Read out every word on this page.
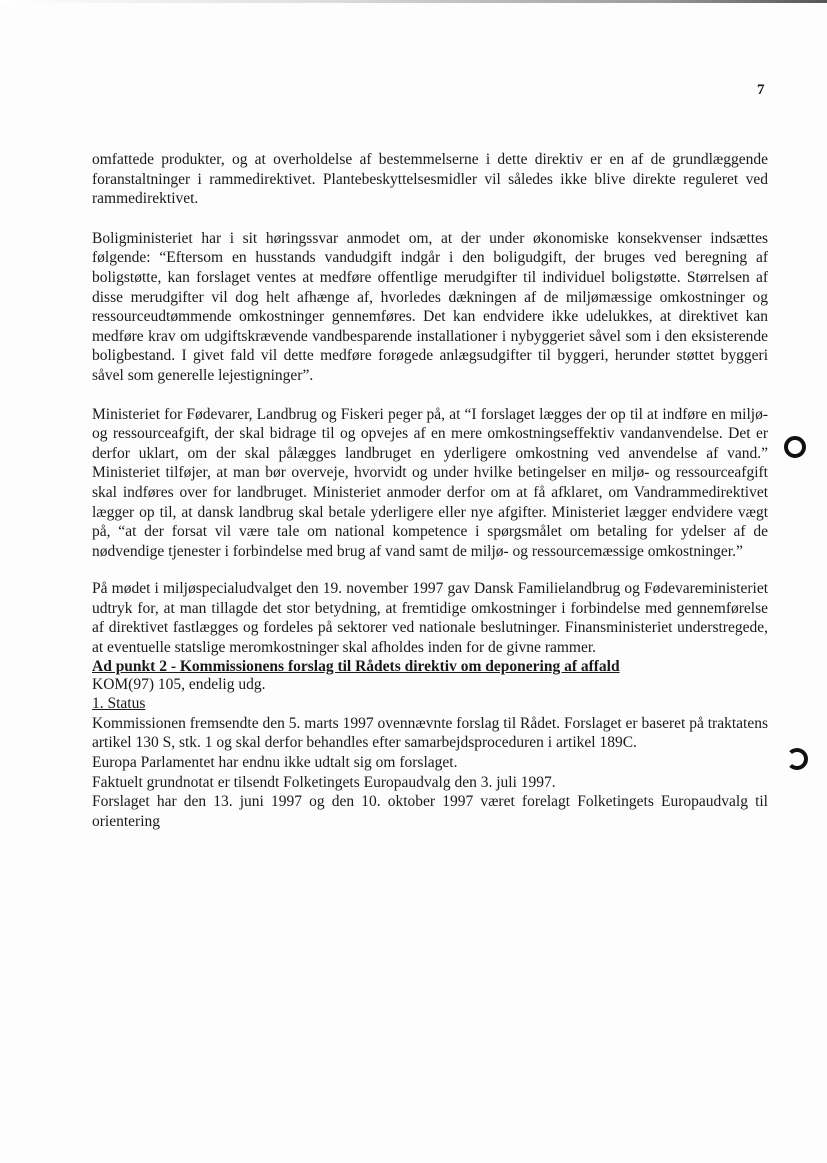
7

omfattede produkter, og at overholdelse af bestemmelserne i dette direktiv er en af de grundlæggende foranstaltninger i rammedirektivet. Plantebeskyttelsesmidler vil således ikke blive direkte reguleret ved rammedirektivet.

Boligministeriet har i sit høringssvar anmodet om, at der under økonomiske konsekvenser indsættes følgende: “Eftersom en husstands vandudgift indgår i den boligudgift, der bruges ved beregning af boligstøtte, kan forslaget ventes at medføre offentlige merudgifter til individuel boligstøtte. Størrelsen af disse merudgifter vil dog helt afhænge af, hvorledes dækningen af de miljømæssige omkostninger og ressourceudtømmende omkostninger gennemføres. Det kan endvidere ikke udelukkes, at direktivet kan medføre krav om udgiftskrævende vandbesparende installationer i nybyggeriet såvel som i den eksisterende boligbestand. I givet fald vil dette medføre forøgede anlægsudgifter til byggeri, herunder støttet byggeri såvel som generelle lejestigninger”.

Ministeriet for Fødevarer, Landbrug og Fiskeri peger på, at “I forslaget lægges der op til at indføre en miljø- og ressourceafgift, der skal bidrage til og opvejes af en mere omkostningseffektiv vandanvendelse. Det er derfor uklart, om der skal pålægges landbruget en yderligere omkostning ved anvendelse af vand.” Ministeriet tilføjer, at man bør overveje, hvorvidt og under hvilke betingelser en miljø- og ressourceafgift skal indføres over for landbruget. Ministeriet anmoder derfor om at få afklaret, om Vandrammedirektivet lægger op til, at dansk landbrug skal betale yderligere eller nye afgifter. Ministeriet lægger endvidere vægt på, “at der forsat vil være tale om national kompetence i spørgsmålet om betaling for ydelser af de nødvendige tjenester i forbindelse med brug af vand samt de miljø- og ressourcemæssige omkostninger.”

På mødet i miljøspecialudvalget den 19. november 1997 gav Dansk Familielandbrug og Fødevareministeriet udtryk for, at man tillagde det stor betydning, at fremtidige omkostninger i forbindelse med gennemførelse af direktivet fastlægges og fordeles på sektorer ved nationale beslutninger. Finansministeriet understregede, at eventuelle statslige meromkostninger skal afholdes inden for de givne rammer.

Ad punkt 2 - Kommissionens forslag til Rådets direktiv om deponering af affald

KOM(97) 105, endelig udg.

1. Status

Kommissionen fremsendte den 5. marts 1997 ovennævnte forslag til Rådet. Forslaget er baseret på traktatens artikel 130 S, stk. 1 og skal derfor behandles efter samarbejdsproceduren i artikel 189C.

Europa Parlamentet har endnu ikke udtalt sig om forslaget.

Faktuelt grundnotat er tilsendt Folketingets Europaudvalg den 3. juli 1997.

Forslaget har den 13. juni 1997 og den 10. oktober 1997 været forelagt Folketingets Europaudvalg til orientering
